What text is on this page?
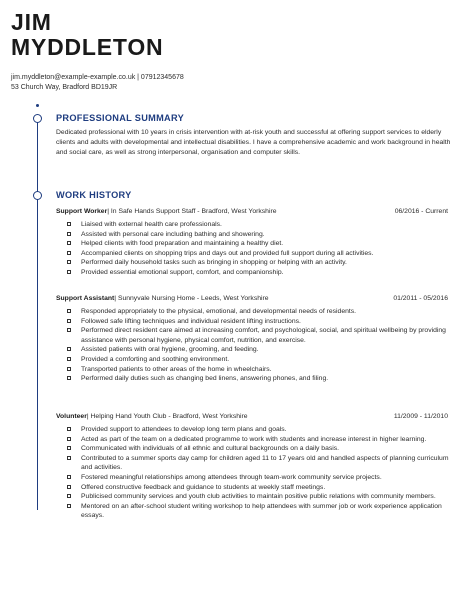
JIM
MYDDLETON
jim.myddleton@example-example.co.uk | 07912345678
53 Church Way, Bradford BD19JR
PROFESSIONAL SUMMARY
Dedicated professional with 10 years in crisis intervention with at-risk youth and successful at offering support services to elderly clients and adults with developmental and intellectual disabilities. I have a comprehensive academic and work background in health and social care, as well as strong interpersonal, organisation and computer skills.
WORK HISTORY
Support Worker| In Safe Hands Support Staff - Bradford, West Yorkshire	06/2016 - Current
Liaised with external health care professionals.
Assisted with personal care including bathing and showering.
Helped clients with food preparation and maintaining a healthy diet.
Accompanied clients on shopping trips and days out and provided full support during all activities.
Performed daily household tasks such as bringing in shopping or helping with an activity.
Provided essential emotional support, comfort, and companionship.
Support Assistant| Sunnyvale Nursing Home - Leeds, West Yorkshire	01/2011 - 05/2016
Responded appropriately to the physical, emotional, and developmental needs of residents.
Followed safe lifting techniques and individual resident lifting instructions.
Performed direct resident care aimed at increasing comfort, and psychological, social, and spiritual wellbeing by providing assistance with personal hygiene, physical comfort, nutrition, and exercise.
Assisted patients with oral hygiene, grooming, and feeding.
Provided a comforting and soothing environment.
Transported patients to other areas of the home in wheelchairs.
Performed daily duties such as changing bed linens, answering phones, and filing.
Volunteer| Helping Hand Youth Club - Bradford, West Yorkshire	11/2009 - 11/2010
Provided support to attendees to develop long term plans and goals.
Acted as part of the team on a dedicated programme to work with students and increase interest in higher learning.
Communicated with individuals of all ethnic and cultural backgrounds on a daily basis.
Contributed to a summer sports day camp for children aged 11 to 17 years old and handled aspects of planning curriculum and activities.
Fostered meaningful relationships among attendees through team-work community service projects.
Offered constructive feedback and guidance to students at weekly staff meetings.
Publicised community services and youth club activities to maintain positive public relations with community members.
Mentored on an after-school student writing workshop to help attendees with summer job or work experience application essays.
